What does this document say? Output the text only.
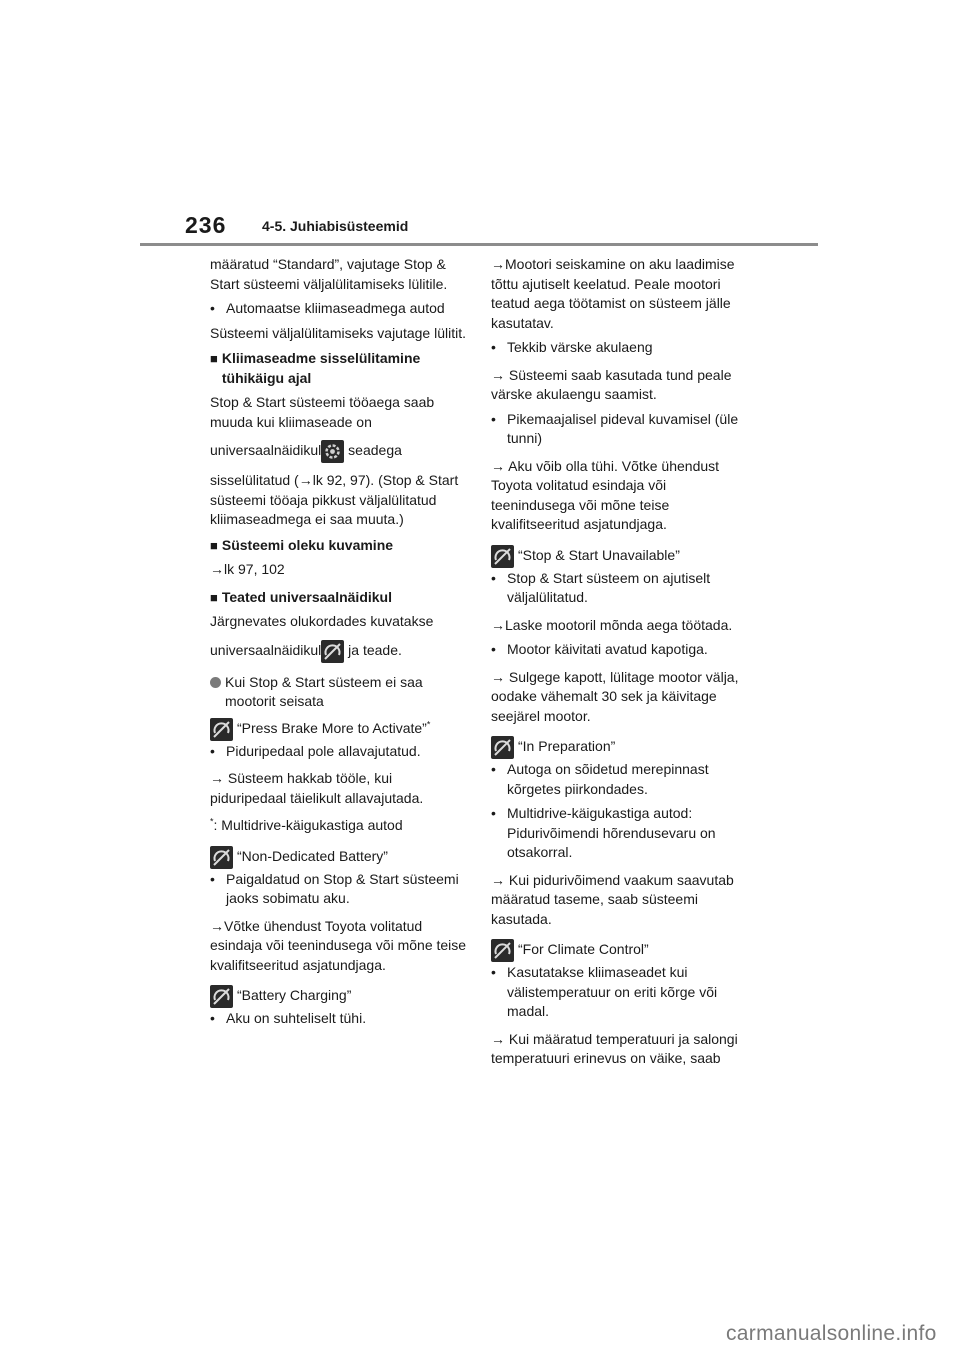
236	4-5. Juhiabisüsteemid

määratud “Standard”, vajutage Stop & Start süsteemi väljalülitamiseks lülitile.

• Automaatse kliimaseadmega autod

Süsteemi väljalülitamiseks vajutage lülitit.

■ Kliimaseadme sisselülitamine tühikäigu ajal

Stop & Start süsteemi tööaega saab muuda kui kliimaseade on

universaalnäidikul
seadega

sisselülitatud (→lk 92, 97). (Stop & Start süsteemi tööaja pikkust väljalülitatud kliimaseadmega ei saa muuta.)

■ Süsteemi oleku kuvamine

→lk 97, 102

■ Teated universaalnäidikul

Järgnevates olukordades kuvatakse

universaalnäidikul
ja teade.

Kui Stop & Start süsteem ei saa mootorit seisata
“Press Brake More to Activate”*
• Piduripedaal pole allavajutatud.

→ Süsteem hakkab tööle, kui piduripedaal täielikult allavajutada.

*: Multidrive-käigukastiga autod

“Non-Dedicated Battery”
• Paigaldatud on Stop & Start süsteemi jaoks sobimatu aku.

→Võtke ühendust Toyota volitatud esindaja või teenindusega või mõne teise kvalifitseeritud asjatundjaga.

“Battery Charging”
• Aku on suhteliselt tühi.

→Mootori seiskamine on aku laadimise tõttu ajutiselt keelatud. Peale mootori teatud aega töötamist on süsteem jälle kasutatav.

• Tekkib värske akulaeng

→ Süsteemi saab kasutada tund peale värske akulaengu saamist.

• Pikemaajalisel pideval kuvamisel (üle tunni)

→ Aku võib olla tühi. Võtke ühendust Toyota volitatud esindaja või teenindusega või mõne teise kvalifitseeritud asjatundjaga.

“Stop & Start Unavailable”
• Stop & Start süsteem on ajutiselt väljalülitatud.

→Laske mootoril mõnda aega töötada.

• Mootor käivitati avatud kapotiga.

→ Sulgege kapott, lülitage mootor välja, oodake vähemalt 30 sek ja käivitage seejärel mootor.

“In Preparation”
• Autoga on sõidetud merepinnast kõrgetes piirkondades.
• Multidrive-käigukastiga autod: Pidurivõimendi hõrendusevaru on otsakorral.

→ Kui pidurivõimend vaakum saavutab määratud taseme, saab süsteemi kasutada.

“For Climate Control”
• Kasutatakse kliimaseadet kui välistemperatuur on eriti kõrge või madal.

→ Kui määratud temperatuuri ja salongi temperatuuri erinevus on väike, saab

carmanualsonline.info
